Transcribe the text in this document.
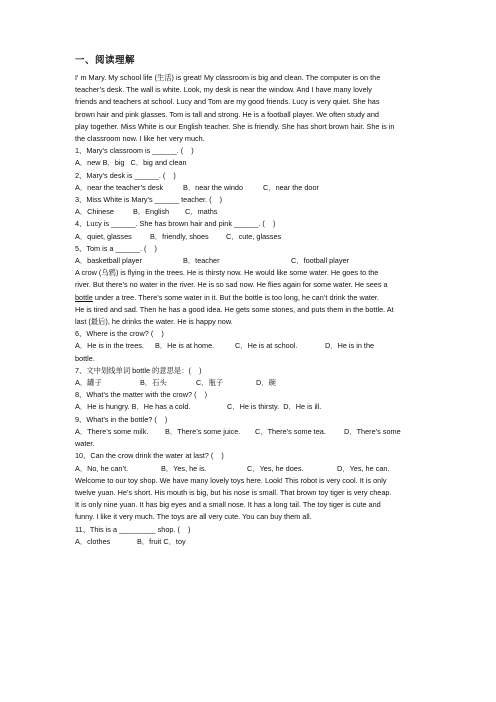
一、阅读理解

I' m Mary. My school life (生活) is great! My classroom is big and clean. The computer is on the

teacher’s desk. The wall is white. Look, my desk is near the window. And I have many lovely

friends and teachers at school. Lucy and Tom are my good friends. Lucy is very quiet. She has

brown hair and pink glasses. Tom is tall and strong. He is a football player. We often study and

play together. Miss White is our English teacher. She is friendly. She has short brown hair. She is in

the classroom now. I like her very much.

1、Mary’s classroom is ______. (    )

A．new B．big   C．big and clean

2、Mary’s desk is ______. (    )

A．near the teacher’s desk	B．near the windo	C．near the door

3、Miss White is Mary’s ______ teacher. (    )

A．Chinese	B．English	C．maths

4、Lucy is ______. She has brown hair and pink ______. (    )

A．quiet, glasses	B．friendly, shoes	C．cute, glasses

5、Tom is a ______. (    )

A．basketball player	B．teacher	C．football player

A crow (乌鸦) is flying in the trees. He is thirsty now. He would like some water. He goes to the

river. But there’s no water in the river. He is so sad now. He flies again for some water. He sees a

bottle under a tree. There’s some water in it. But the bottle is too long, he can’t drink the water.

He is tired and sad. Then he has a good idea. He gets some stones, and puts them in the bottle. At

last (最后), he drinks the water. He is happy now.

6、Where is the crow? (    )

A．He is in the trees.	B．He is at home.	C．He is at school.	D．He is in the

bottle.

7、文中划线单词 bottle 的意思是：(    )

A．罐子	B．石头	C．瓶子	D．碗

8、What’s the matter with the crow? (    )

A．He is hungry. B．He has a cold.	C．He is thirsty.  D．He is ill.

9、What’s in the bottle? (    )

A．There’s some milk.	B．There’s some juice.	C．There’s some tea.	D．There’s some

water.

10、Can the crow drink the water at last? (    )

A．No, he can’t.	B．Yes, he is.	C．Yes, he does.	D．Yes, he can.

Welcome to our toy shop. We have many lovely toys here. Look! This robot is very cool. It is only

twelve yuan. He’s short. His mouth is big, but his nose is small. That brown toy tiger is very cheap.

It is only nine yuan. It has big eyes and a small nose. It has a long tail. The toy tiger is cute and

funny. I like it very much. The toys are all very cute. You can buy them all.

11、This is a _________ shop. (    )

A．clothes	B．fruit C．toy
